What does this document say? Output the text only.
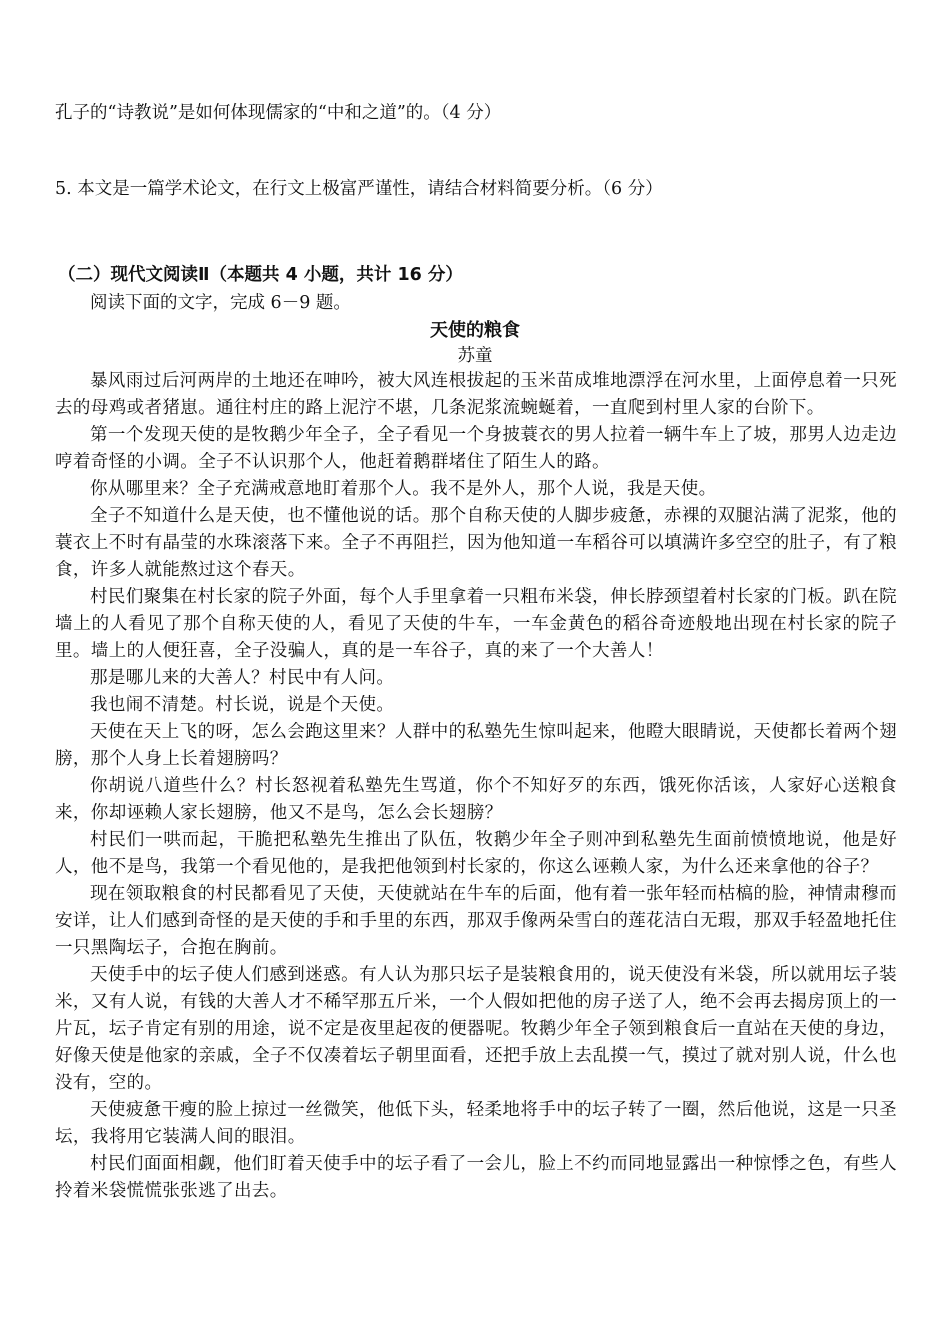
孔子的“诗教说”是如何体现儒家的“中和之道”的。（4 分）
5. 本文是一篇学术论文，在行文上极富严谨性，请结合材料简要分析。（6 分）
（二）现代文阅读Ⅱ（本题共 4 小题，共计 16 分）
阅读下面的文字，完成 6－9 题。
天使的粮食
苏童

暴风雨过后河两岸的土地还在呻吟，被大风连根拔起的玉米苗成堆地漂浮在河水里，上面停息着一只死去的母鸡或者猪崽。通往村庄的路上泥泞不堪，几条泥浆流蜿蜒着，一直爬到村里人家的台阶下。

第一个发现天使的是牧鹅少年全子，全子看见一个身披蓑衣的男人拉着一辆牛车上了坡，那男人边走边哼着奇怪的小调。全子不认识那个人，他赶着鹅群堵住了陌生人的路。

你从哪里来？全子充满戒意地盯着那个人。我不是外人，那个人说，我是天使。

全子不知道什么是天使，也不懂他说的话。那个自称天使的人脚步疲惫，赤裸的双腿沾满了泥浆，他的蓑衣上不时有晶莹的水珠滚落下来。全子不再阻拦，因为他知道一车稻谷可以填满许多空空的肚子，有了粮食，许多人就能熬过这个春天。

村民们聚集在村长家的院子外面，每个人手里拿着一只粗布米袋，伸长脖颈望着村长家的门板。趴在院墙上的人看见了那个自称天使的人，看见了天使的牛车，一车金黄色的稻谷奇迹般地出现在村长家的院子里。墙上的人便狂喜，全子没骗人，真的是一车谷子，真的来了一个大善人！

那是哪儿来的大善人？村民中有人问。

我也闹不清楚。村长说，说是个天使。

天使在天上飞的呀，怎么会跑这里来？人群中的私塾先生惊叫起来，他瞪大眼睛说，天使都长着两个翅膀，那个人身上长着翅膀吗？

你胡说八道些什么？村长怒视着私塾先生骂道，你个不知好歹的东西，饿死你活该，人家好心送粮食来，你却诬赖人家长翅膀，他又不是鸟，怎么会长翅膀？

村民们一哄而起，干脆把私塾先生推出了队伍，牧鹅少年全子则冲到私塾先生面前愤愤地说，他是好人，他不是鸟，我第一个看见他的，是我把他领到村长家的，你这么诬赖人家，为什么还来拿他的谷子？

现在领取粮食的村民都看见了天使，天使就站在牛车的后面，他有着一张年轻而枯槁的脸，神情肃穆而安详，让人们感到奇怪的是天使的手和手里的东西，那双手像两朵雪白的莲花洁白无瑕，那双手轻盈地托住一只黑陶坛子，合抱在胸前。

天使手中的坛子使人们感到迷惑。有人认为那只坛子是装粮食用的，说天使没有米袋，所以就用坛子装米，又有人说，有钱的大善人才不稀罕那五斤米，一个人假如把他的房子送了人，绝不会再去揭房顶上的一片瓦，坛子肯定有别的用途，说不定是夜里起夜的便器呢。牧鹅少年全子领到粮食后一直站在天使的身边，好像天使是他家的亲戚，全子不仅凑着坛子朝里面看，还把手放上去乱摸一气，摸过了就对别人说，什么也没有，空的。

天使疲惫干瘦的脸上掠过一丝微笑，他低下头，轻柔地将手中的坛子转了一圈，然后他说，这是一只圣坛，我将用它装满人间的眼泪。

村民们面面相觑，他们盯着天使手中的坛子看了一会儿，脸上不约而同地显露出一种惊悸之色，有些人拎着米袋慌慌张张逃了出去。
